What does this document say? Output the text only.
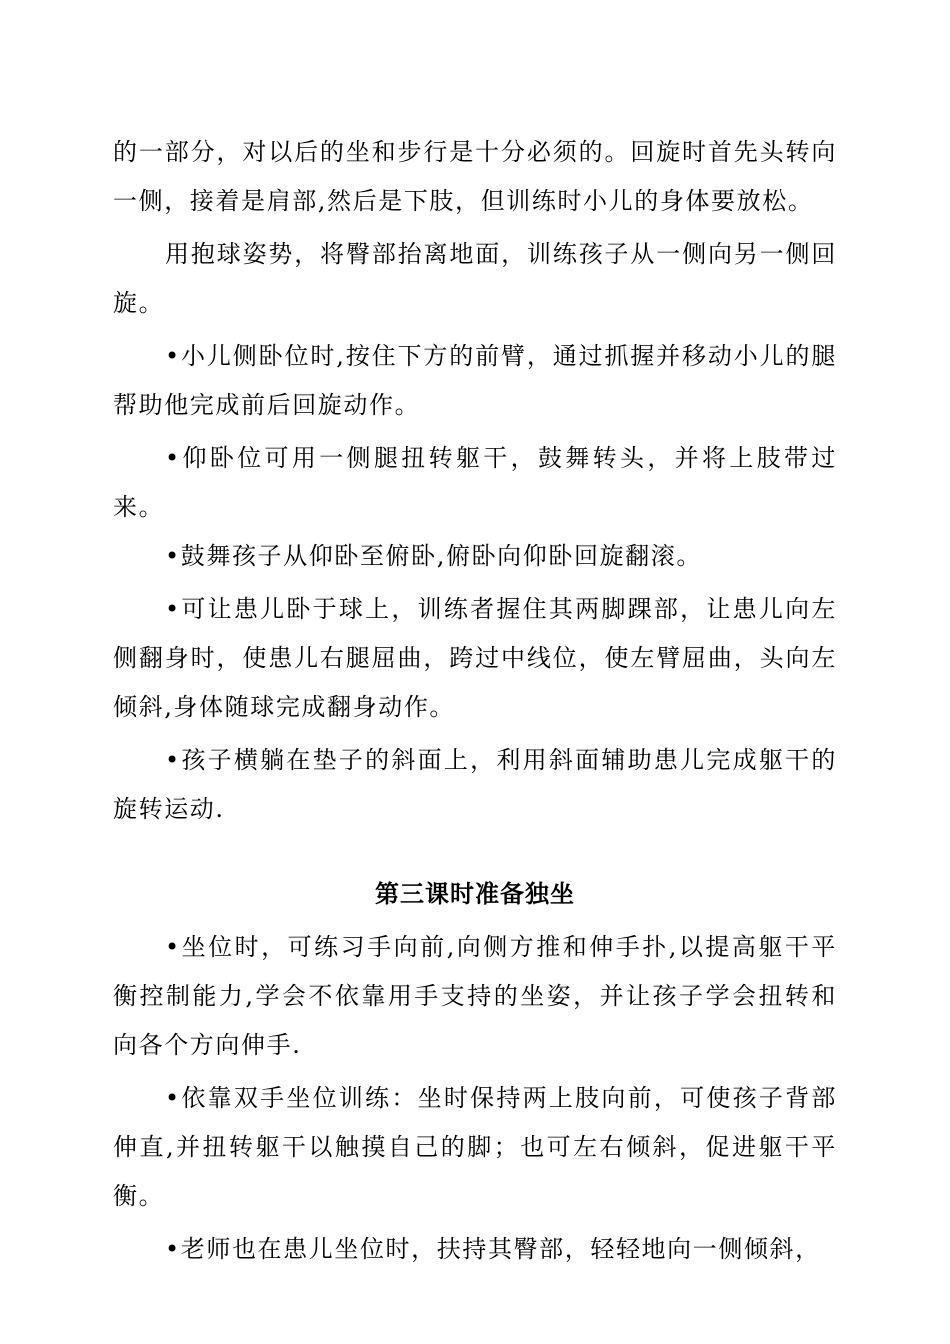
的一部分，对以后的坐和步行是十分必须的。回旋时首先头转向一侧，接着是肩部,然后是下肢，但训练时小儿的身体要放松。

用抱球姿势，将臀部抬离地面，训练孩子从一侧向另一侧回旋。

•小儿侧卧位时,按住下方的前臂，通过抓握并移动小儿的腿帮助他完成前后回旋动作。

•仰卧位可用一侧腿扭转躯干，鼓舞转头，并将上肢带过来。

•鼓舞孩子从仰卧至俯卧,俯卧向仰卧回旋翻滚。

•可让患儿卧于球上，训练者握住其两脚踝部，让患儿向左侧翻身时，使患儿右腿屈曲，跨过中线位，使左臂屈曲，头向左倾斜,身体随球完成翻身动作。

•孩子横躺在垫子的斜面上，利用斜面辅助患儿完成躯干的旋转运动.

第三课时准备独坐

•坐位时，可练习手向前,向侧方推和伸手扑,以提高躯干平衡控制能力,学会不依靠用手支持的坐姿，并让孩子学会扭转和向各个方向伸手.

•依靠双手坐位训练：坐时保持两上肢向前，可使孩子背部伸直,并扭转躯干以触摸自己的脚；也可左右倾斜，促进躯干平衡。

•老师也在患儿坐位时，扶持其臀部，轻轻地向一侧倾斜，
